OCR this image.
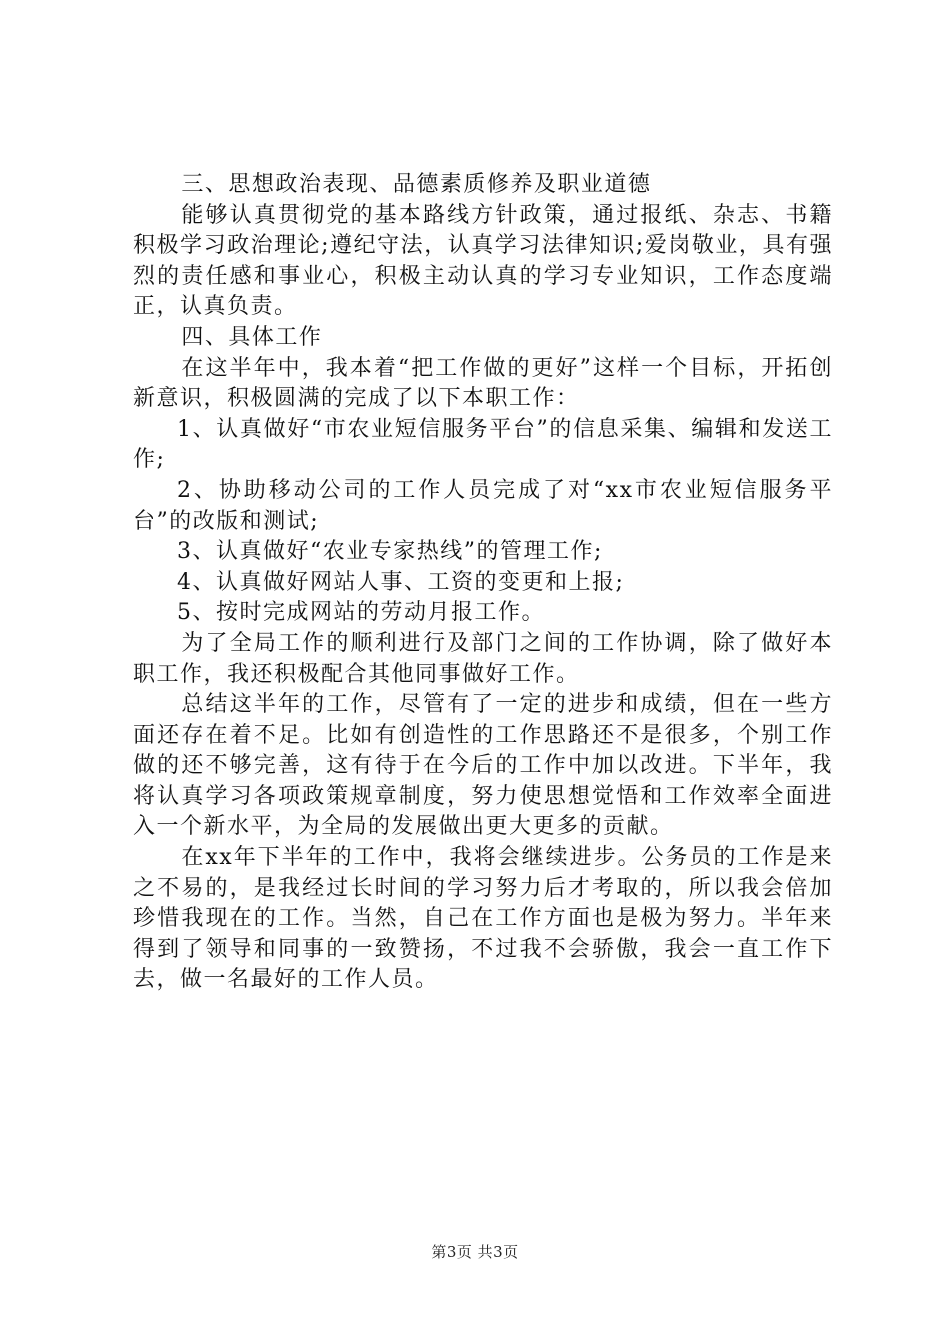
三、思想政治表现、品德素质修养及职业道德

能够认真贯彻党的基本路线方针政策，通过报纸、杂志、书籍积极学习政治理论;遵纪守法，认真学习法律知识;爱岗敬业，具有强烈的责任感和事业心，积极主动认真的学习专业知识，工作态度端正，认真负责。

四、具体工作

在这半年中，我本着“把工作做的更好”这样一个目标，开拓创新意识，积极圆满的完成了以下本职工作：

1、认真做好“市农业短信服务平台”的信息采集、编辑和发送工作;

2、协助移动公司的工作人员完成了对“xx市农业短信服务平台”的改版和测试;

3、认真做好“农业专家热线”的管理工作;

4、认真做好网站人事、工资的变更和上报;

5、按时完成网站的劳动月报工作。

为了全局工作的顺利进行及部门之间的工作协调，除了做好本职工作，我还积极配合其他同事做好工作。

总结这半年的工作，尽管有了一定的进步和成绩，但在一些方面还存在着不足。比如有创造性的工作思路还不是很多，个别工作做的还不够完善，这有待于在今后的工作中加以改进。下半年，我将认真学习各项政策规章制度，努力使思想觉悟和工作效率全面进入一个新水平，为全局的发展做出更大更多的贡献。

在xx年下半年的工作中，我将会继续进步。公务员的工作是来之不易的，是我经过长时间的学习努力后才考取的，所以我会倍加珍惜我现在的工作。当然，自己在工作方面也是极为努力。半年来得到了领导和同事的一致赞扬，不过我不会骄傲，我会一直工作下去，做一名最好的工作人员。

第3页 共3页
